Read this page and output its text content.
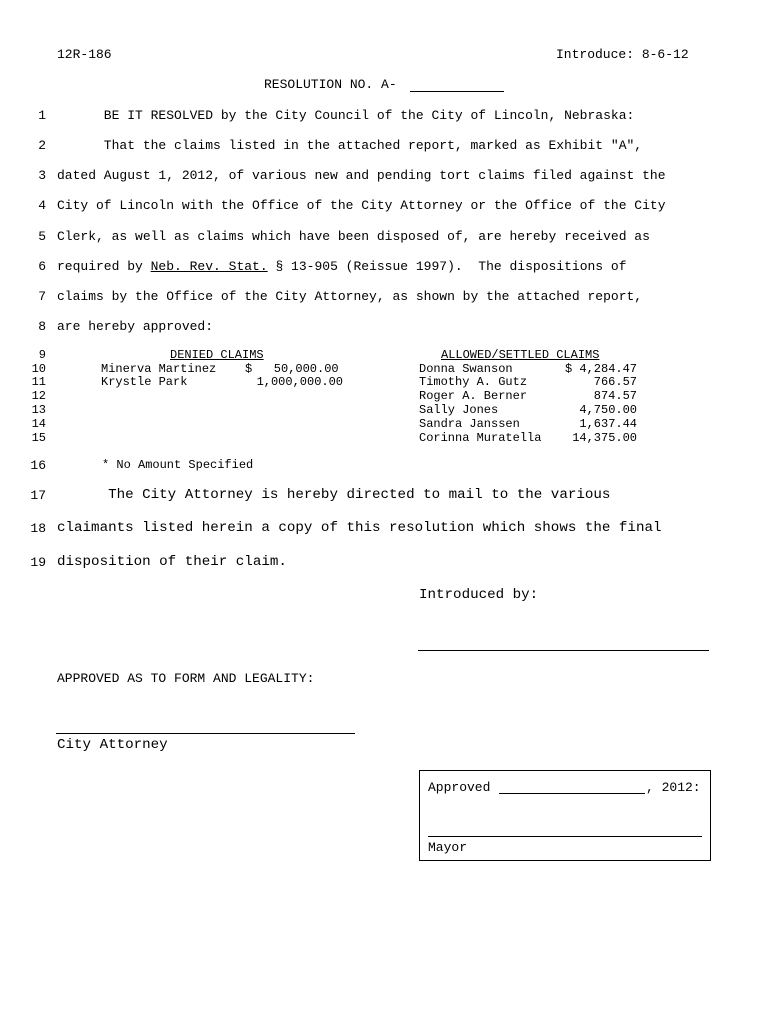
12R-186	Introduce: 8-6-12
RESOLUTION NO. A-
1 BE IT RESOLVED by the City Council of the City of Lincoln, Nebraska:
2 That the claims listed in the attached report, marked as Exhibit "A",
3 dated August 1, 2012, of various new and pending tort claims filed against the
4 City of Lincoln with the Office of the City Attorney or the Office of the City
5 Clerk, as well as claims which have been disposed of, are hereby received as
6 required by Neb. Rev. Stat. § 13-905 (Reissue 1997).  The dispositions of
7 claims by the Office of the City Attorney, as shown by the attached report,
8 are hereby approved:
9
10
11
12
13
14
15
DENIED CLAIMS
Minerva Martinez $   50,000.00
Krystle Park	1,000,000.00
ALLOWED/SETTLED CLAIMS
Donna Swanson	$ 4,284.47
Timothy A. Gutz	766.57
Roger A. Berner	874.57
Sally Jones	4,750.00
Sandra Janssen	1,637.44
Corinna Muratella	14,375.00
16	* No Amount Specified
17 The City Attorney is hereby directed to mail to the various
18 claimants listed herein a copy of this resolution which shows the final
19 disposition of their claim.
Introduced by:
APPROVED AS TO FORM AND LEGALITY:
City Attorney
Approved	, 2012:
Mayor
